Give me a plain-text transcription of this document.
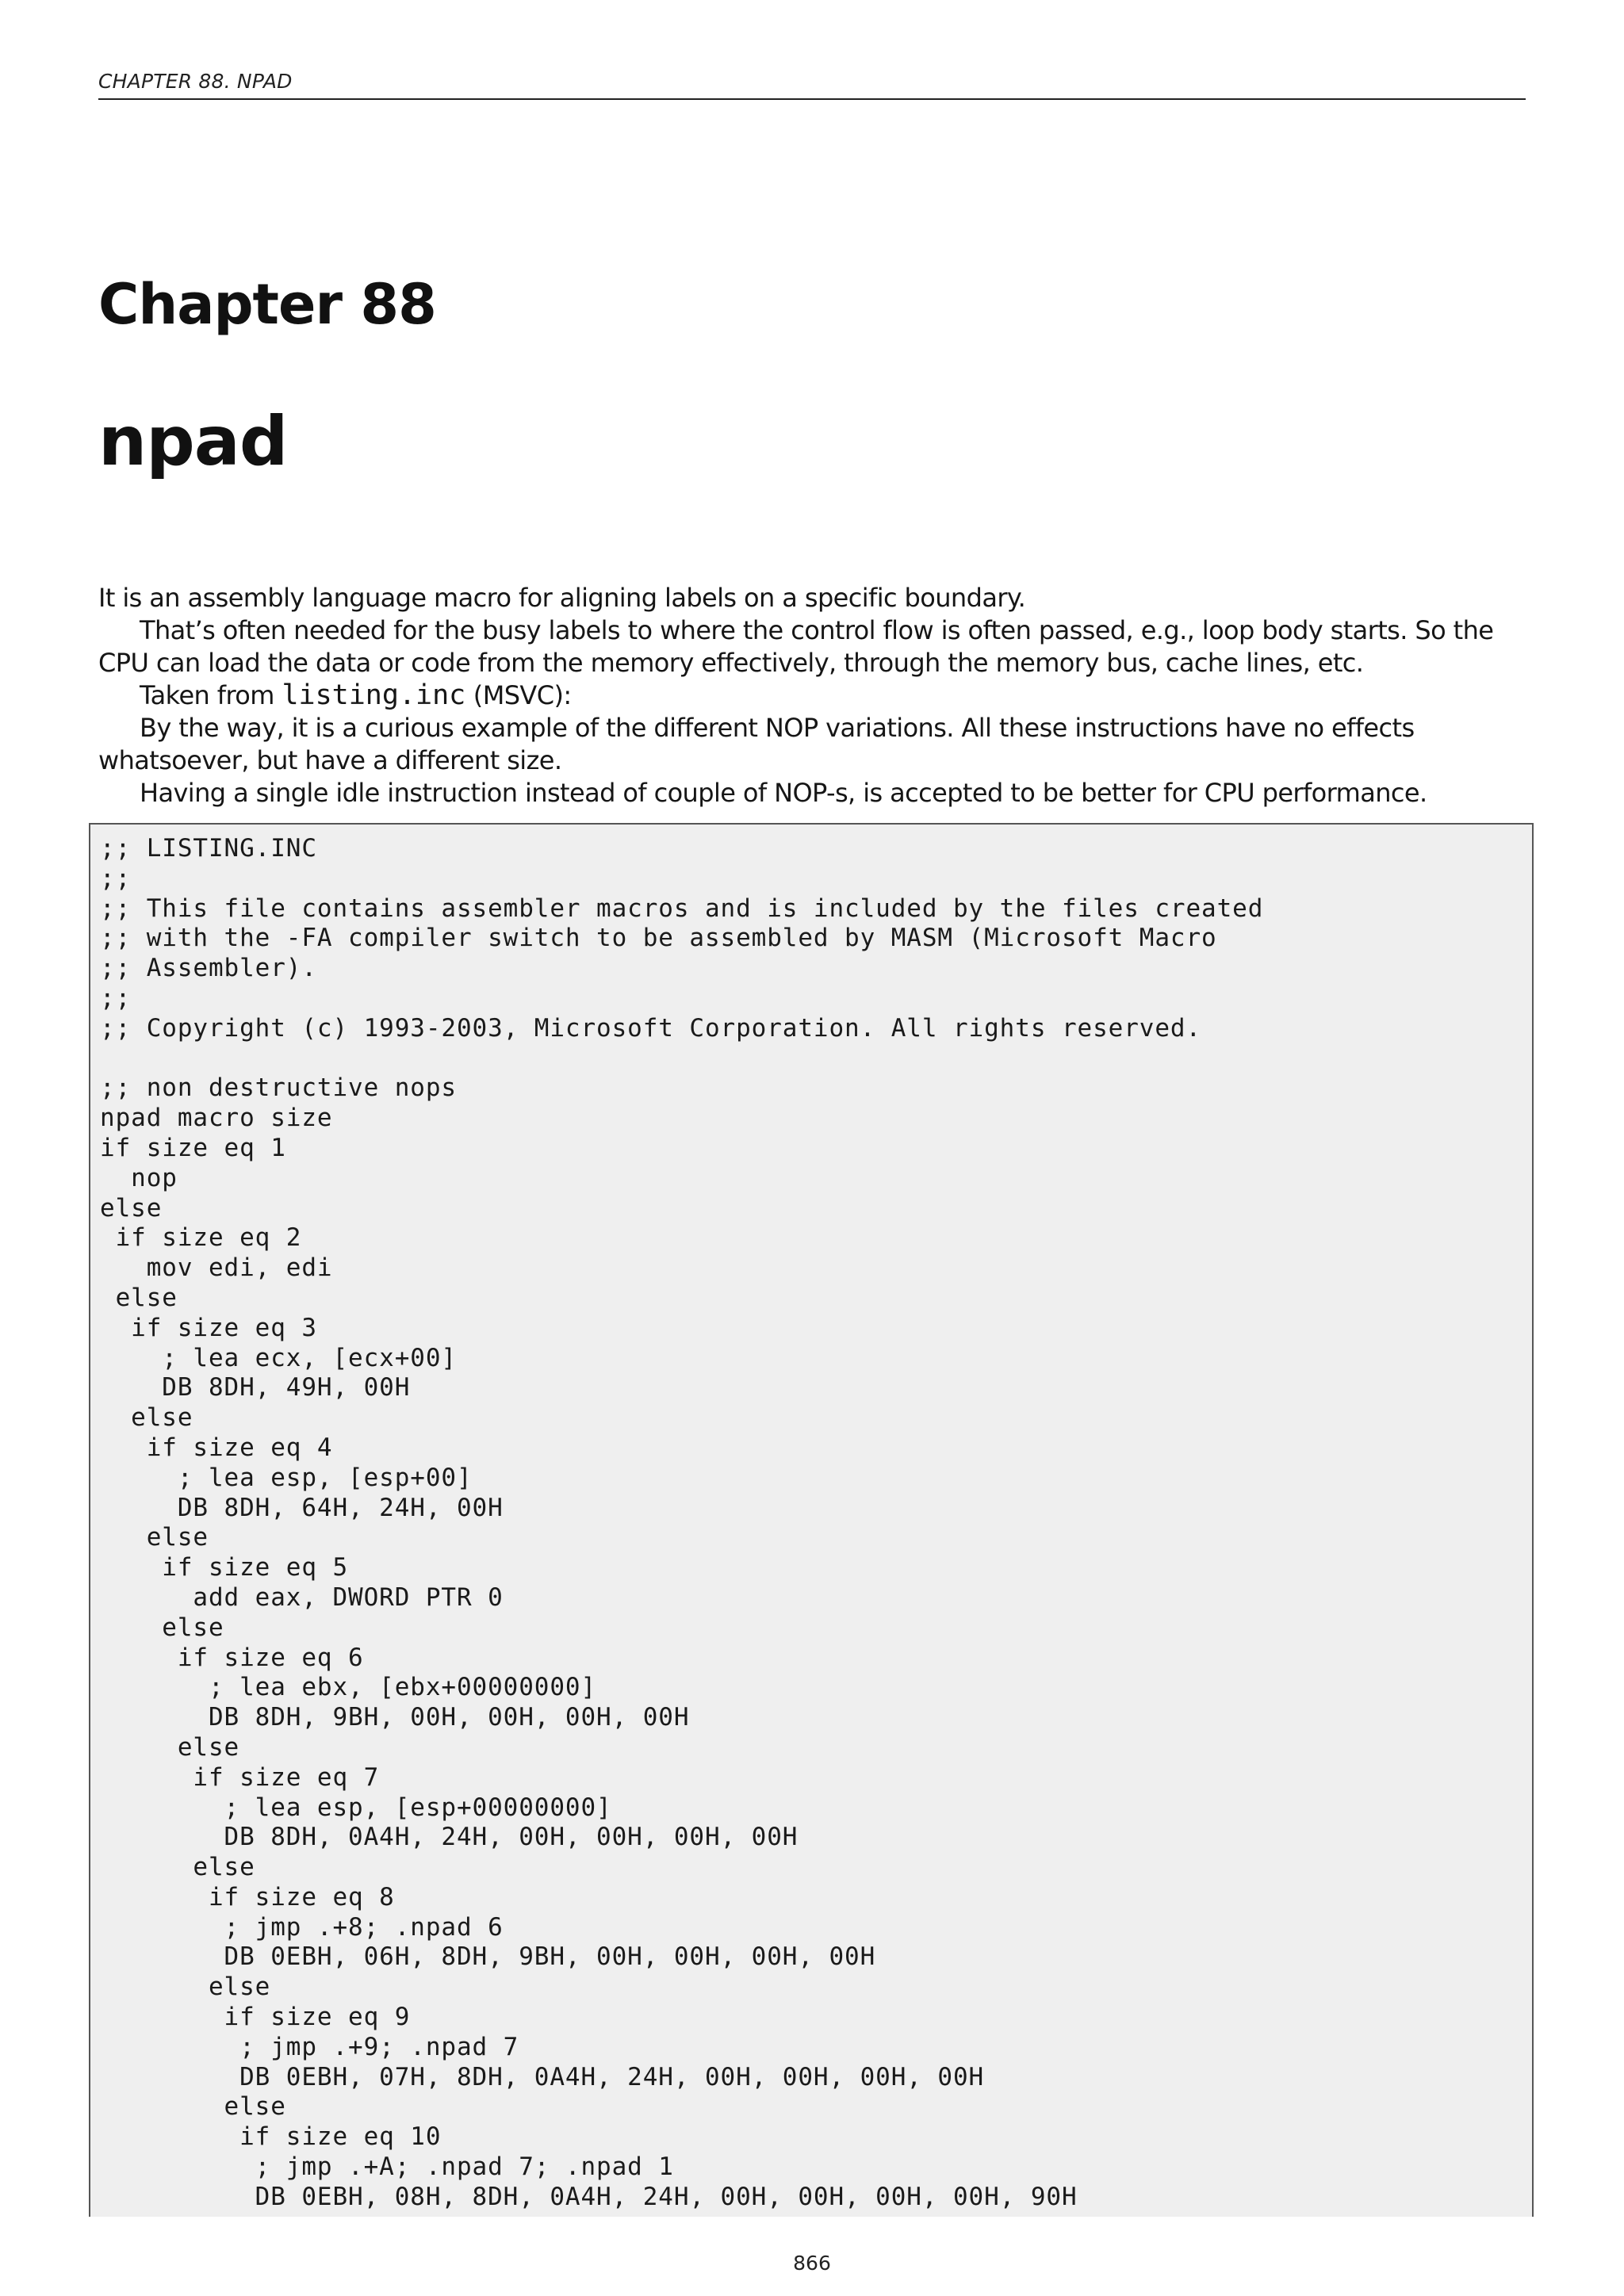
CHAPTER 88. NPAD
Chapter 88
npad

It is an assembly language macro for aligning labels on a specific boundary.

That’s often needed for the busy labels to where the control flow is often passed, e.g., loop body starts. So the CPU can load the data or code from the memory effectively, through the memory bus, cache lines, etc.

Taken from listing.inc (MSVC):

By the way, it is a curious example of the different NOP variations. All these instructions have no effects whatsoever, but have a different size.

Having a single idle instruction instead of couple of NOP-s, is accepted to be better for CPU performance.

;; LISTING.INC
;;
;; This file contains assembler macros and is included by the files created
;; with the -FA compiler switch to be assembled by MASM (Microsoft Macro
;; Assembler).
;;
;; Copyright (c) 1993-2003, Microsoft Corporation. All rights reserved.

;; non destructive nops
npad macro size
if size eq 1
nop
else
if size eq 2
mov edi, edi
else
if size eq 3
; lea ecx, [ecx+00]
DB 8DH, 49H, 00H
else
if size eq 4
; lea esp, [esp+00]
DB 8DH, 64H, 24H, 00H
else
if size eq 5
add eax, DWORD PTR 0
else
if size eq 6
; lea ebx, [ebx+00000000]
DB 8DH, 9BH, 00H, 00H, 00H, 00H
else
if size eq 7
; lea esp, [esp+00000000]
DB 8DH, 0A4H, 24H, 00H, 00H, 00H, 00H
else
if size eq 8
; jmp .+8; .npad 6
DB 0EBH, 06H, 8DH, 9BH, 00H, 00H, 00H, 00H
else
if size eq 9
; jmp .+9; .npad 7
DB 0EBH, 07H, 8DH, 0A4H, 24H, 00H, 00H, 00H, 00H
else
if size eq 10
; jmp .+A; .npad 7; .npad 1
DB 0EBH, 08H, 8DH, 0A4H, 24H, 00H, 00H, 00H, 00H, 90H
866
